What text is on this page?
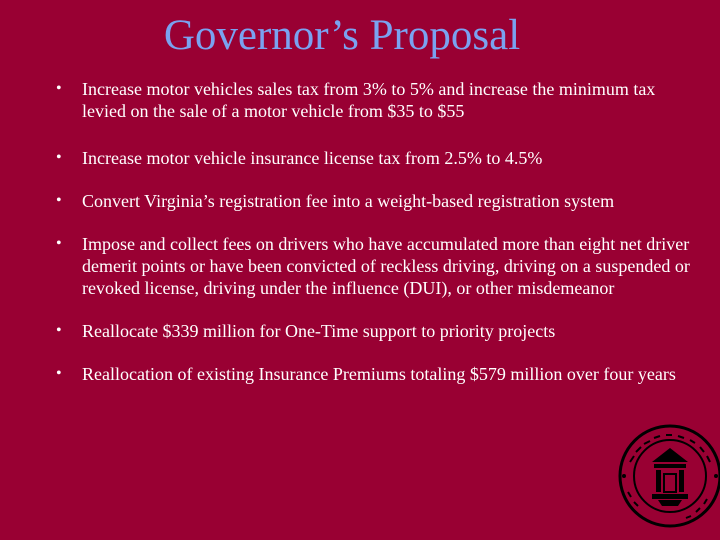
Governor’s Proposal
• Increase motor vehicles sales tax from 3% to 5% and increase the minimum tax levied on the sale of a motor vehicle from $35 to $55
• Increase motor vehicle insurance license tax from 2.5% to 4.5%
• Convert Virginia’s registration fee into a weight-based registration system
• Impose and collect fees on drivers who have accumulated more than eight net driver demerit points or have been convicted of reckless driving, driving on a suspended or revoked license, driving under the influence (DUI), or other misdemeanor
• Reallocate $339 million for One-Time support to priority projects
• Reallocation of existing Insurance Premiums totaling $579 million over four years
